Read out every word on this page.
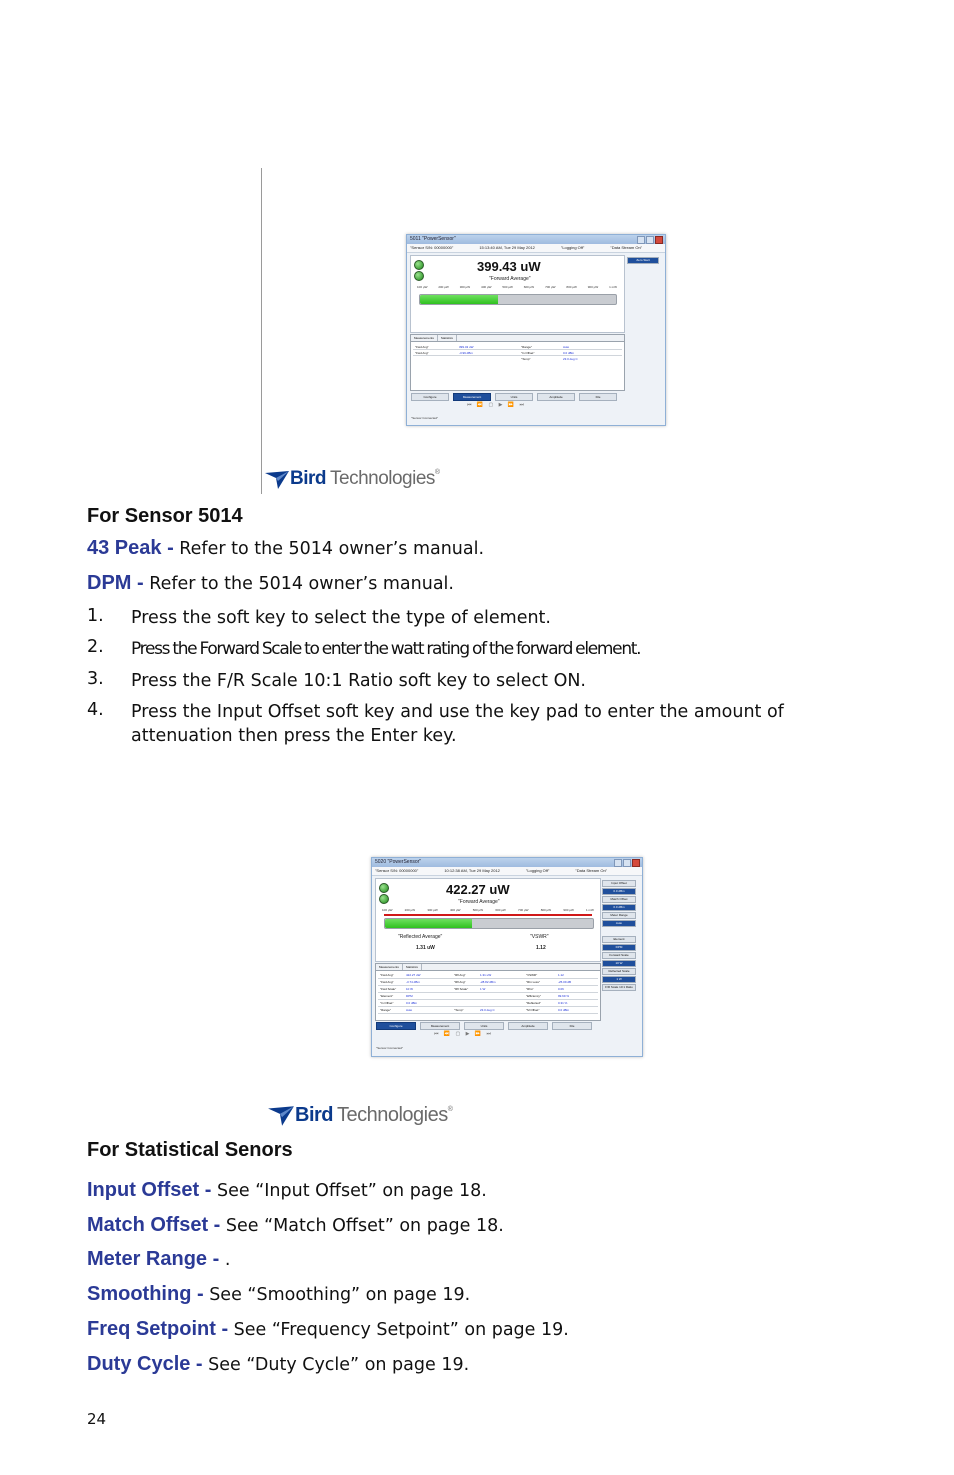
5011 "PowerSensor"
"Sensor S/N: 00000000"	15:13:40 AM, Tue 29 May 2012	"Logging Off"	"Data Stream On"
399.43 uW
"Forward Average"
100 µW	200 µW	300 µW	400 µW	500 µW	600 µW	700 µW	800 µW	900 µW	1 mW
Zero Start
Measurements	Statistics
"Fwd Avg"	399.43 uW	"Range"	Auto
"Fwd Avg"	-3.99 dBm	"In Offset"	0.0 dBm
"Temp"	23.0 deg C
Configure	Measurement	Units	Amplitude	File
⏮ ⏪ ▢ ▶ ⏩ ⏭
"Sensor Connected"
Bird Technologies ®
For Sensor 5014
43 Peak - Refer to the 5014 owner’s manual.
DPM - Refer to the 5014 owner’s manual.
1. Press the soft key to select the type of element.
2. Press the Forward Scale to enter the watt rating of the forward element.
3. Press the F/R Scale 10:1 Ratio soft key to select ON.
4. Press the Input Offset soft key and use the key pad to enter the amount of attenuation then press the Enter key.
5020 "PowerSensor"
"Sensor S/N: 00000000"	10:12:38 AM, Tue 29 May 2012	"Logging Off"	"Data Stream On"
422.27 uW
"Forward Average"
100 µW	200 µW	300 µW	400 µW	500 µW	600 µW	700 µW	800 µW	900 µW	1 mW
"Reflected Average"
1.31 uW
"VSWR"
1.12
Input Offset
0.0 dBm
Match Offset
0.0 dBm
Meter Range
Auto
Element
DPM
Forward Scale
10 W
Reflected Scale
1 W
F/R Scale 10:1 Ratio
Measurements	Statistics
"Fwd Avg"	422.27 uW	"Rfl Avg"	1.31 uW	"VSWR"	1.12
"Fwd Avg"	-3.74 dBm	"Rfl Avg"	-28.82 dBm	"Rtn Loss"	-25.09 dB
"Fwd Scale"	10 W	"Rfl Scale"	1 W	"Rho"	0.06
"Element"	DPM	"Efficiency"	99.69 %
"In Offset"	0.0 dBm	"Reflected"	0.31 %
"Range"	Auto	"Temp"	23.0 deg C	"M Offset"	0.0 dBm
Configure	Measurement	Units	Amplitude	File
⏮ ⏪ ▢ ▶ ⏩ ⏭
"Sensor Connected"
Bird Technologies ®
For Statistical Senors
Input Offset - See “Input Offset” on page 18.
Match Offset - See “Match Offset” on page 18.
Meter Range - .
Smoothing - See “Smoothing” on page 19.
Freq Setpoint - See “Frequency Setpoint” on page 19.
Duty Cycle - See “Duty Cycle” on page 19.
24
